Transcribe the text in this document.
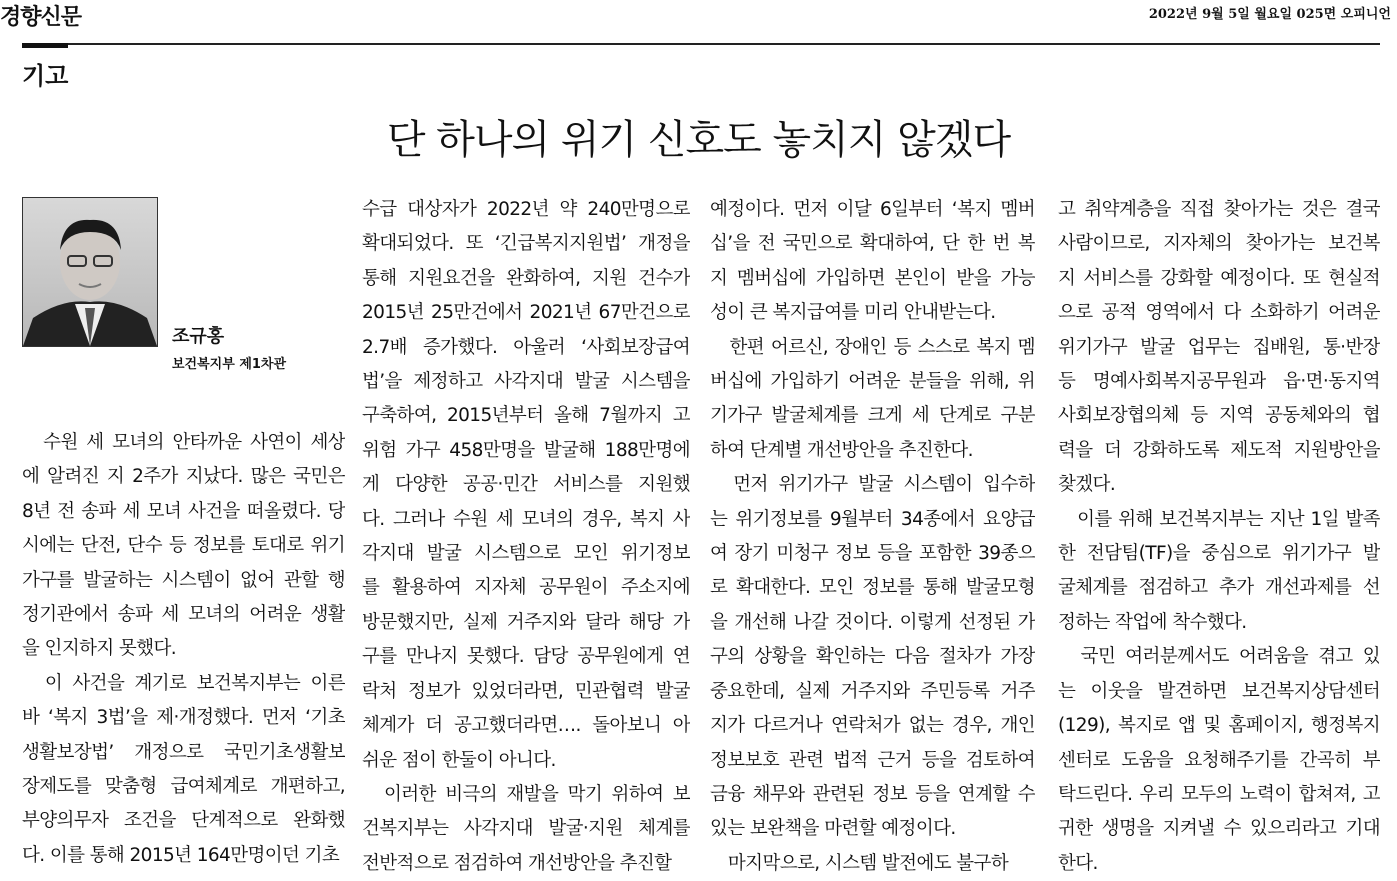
경향신문	2022년 9월 5일 월요일 025면 오피니언
기고
단 하나의 위기 신호도 놓치지 않겠다
조규홍
보건복지부 제1차관
　수원 세 모녀의 안타까운 사연이 세상
에 알려진 지 2주가 지났다. 많은 국민은
8년 전 송파 세 모녀 사건을 떠올렸다. 당
시에는 단전, 단수 등 정보를 토대로 위기
가구를 발굴하는 시스템이 없어 관할 행
정기관에서 송파 세 모녀의 어려운 생활
을 인지하지 못했다.
　이 사건을 계기로 보건복지부는 이른
바 ‘복지 3법’을 제·개정했다. 먼저 ‘기초
생활보장법’ 개정으로 국민기초생활보
장제도를 맞춤형 급여체계로 개편하고,
부양의무자 조건을 단계적으로 완화했
다. 이를 통해 2015년 164만명이던 기초
수급 대상자가 2022년 약 240만명으로
확대되었다. 또 ‘긴급복지지원법’ 개정을
통해 지원요건을 완화하여, 지원 건수가
2015년 25만건에서 2021년 67만건으로
2.7배 증가했다. 아울러 ‘사회보장급여
법’을 제정하고 사각지대 발굴 시스템을
구축하여, 2015년부터 올해 7월까지 고
위험 가구 458만명을 발굴해 188만명에
게 다양한 공공·민간 서비스를 지원했
다. 그러나 수원 세 모녀의 경우, 복지 사
각지대 발굴 시스템으로 모인 위기정보
를 활용하여 지자체 공무원이 주소지에
방문했지만, 실제 거주지와 달라 해당 가
구를 만나지 못했다. 담당 공무원에게 연
락처 정보가 있었더라면, 민관협력 발굴
체계가 더 공고했더라면…. 돌아보니 아
쉬운 점이 한둘이 아니다.
　이러한 비극의 재발을 막기 위하여 보
건복지부는 사각지대 발굴·지원 체계를
전반적으로 점검하여 개선방안을 추진할
예정이다. 먼저 이달 6일부터 ‘복지 멤버
십’을 전 국민으로 확대하여, 단 한 번 복
지 멤버십에 가입하면 본인이 받을 가능
성이 큰 복지급여를 미리 안내받는다.
　한편 어르신, 장애인 등 스스로 복지 멤
버십에 가입하기 어려운 분들을 위해, 위
기가구 발굴체계를 크게 세 단계로 구분
하여 단계별 개선방안을 추진한다.
　먼저 위기가구 발굴 시스템이 입수하
는 위기정보를 9월부터 34종에서 요양급
여 장기 미청구 정보 등을 포함한 39종으
로 확대한다. 모인 정보를 통해 발굴모형
을 개선해 나갈 것이다. 이렇게 선정된 가
구의 상황을 확인하는 다음 절차가 가장
중요한데, 실제 거주지와 주민등록 거주
지가 다르거나 연락처가 없는 경우, 개인
정보보호 관련 법적 근거 등을 검토하여
금융 채무와 관련된 정보 등을 연계할 수
있는 보완책을 마련할 예정이다.
　마지막으로, 시스템 발전에도 불구하
고 취약계층을 직접 찾아가는 것은 결국
사람이므로, 지자체의 찾아가는 보건복
지 서비스를 강화할 예정이다. 또 현실적
으로 공적 영역에서 다 소화하기 어려운
위기가구 발굴 업무는 집배원, 통·반장
등 명예사회복지공무원과 읍·면·동지역
사회보장협의체 등 지역 공동체와의 협
력을 더 강화하도록 제도적 지원방안을
찾겠다.
　이를 위해 보건복지부는 지난 1일 발족
한 전담팀(TF)을 중심으로 위기가구 발
굴체계를 점검하고 추가 개선과제를 선
정하는 작업에 착수했다.
　국민 여러분께서도 어려움을 겪고 있
는 이웃을 발견하면 보건복지상담센터
(129), 복지로 앱 및 홈페이지, 행정복지
센터로 도움을 요청해주기를 간곡히 부
탁드린다. 우리 모두의 노력이 합쳐져, 고
귀한 생명을 지켜낼 수 있으리라고 기대
한다.
